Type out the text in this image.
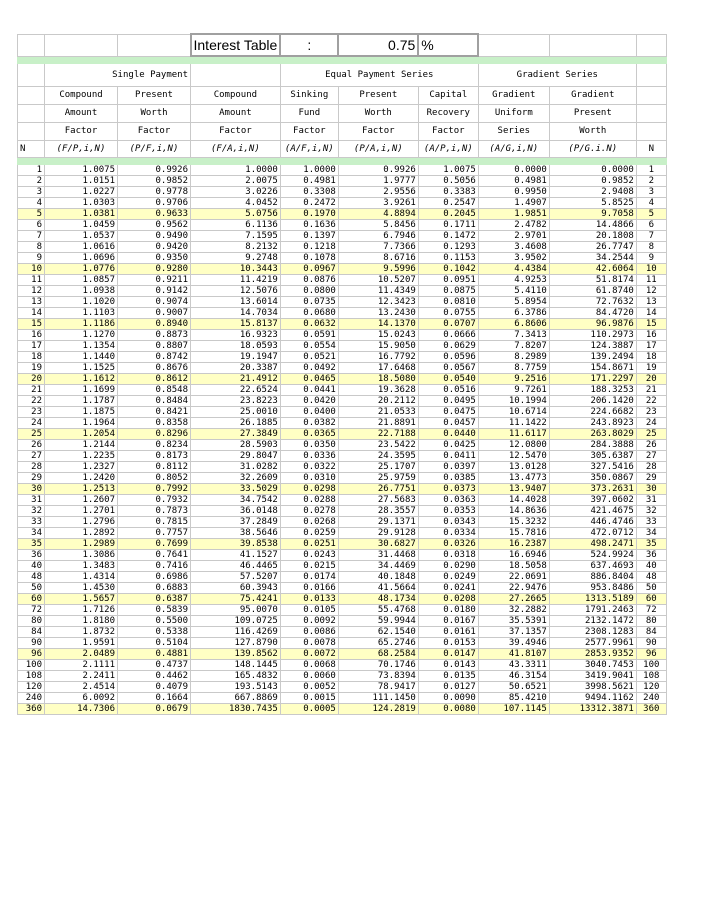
			Interest Table	:	0.75	%			

	Single Payment			Equal Payment Series			Gradient Series		
	Compound	Present	Compound	Sinking	Present	Capital	Gradient	Gradient	
	Amount	Worth	Amount	Fund	Worth	Recovery	Uniform	Present	
	Factor	Factor	Factor	Factor	Factor	Factor	Series	Worth	
N	(F/P,i,N)	(P/F,i,N)	(F/A,i,N)	(A/F,i,N)	(P/A,i,N)	(A/P,i,N)	(A/G,i,N)	(P/G.i.N)	N

1	1.0075	0.9926	1.0000	1.0000	0.9926	1.0075	0.0000	0.0000	1
2	1.0151	0.9852	2.0075	0.4981	1.9777	0.5056	0.4981	0.9852	2
3	1.0227	0.9778	3.0226	0.3308	2.9556	0.3383	0.9950	2.9408	3
4	1.0303	0.9706	4.0452	0.2472	3.9261	0.2547	1.4907	5.8525	4
5	1.0381	0.9633	5.0756	0.1970	4.8894	0.2045	1.9851	9.7058	5
6	1.0459	0.9562	6.1136	0.1636	5.8456	0.1711	2.4782	14.4866	6
7	1.0537	0.9490	7.1595	0.1397	6.7946	0.1472	2.9701	20.1808	7
8	1.0616	0.9420	8.2132	0.1218	7.7366	0.1293	3.4608	26.7747	8
9	1.0696	0.9350	9.2748	0.1078	8.6716	0.1153	3.9502	34.2544	9
10	1.0776	0.9280	10.3443	0.0967	9.5996	0.1042	4.4384	42.6064	10
11	1.0857	0.9211	11.4219	0.0876	10.5207	0.0951	4.9253	51.8174	11
12	1.0938	0.9142	12.5076	0.0800	11.4349	0.0875	5.4110	61.8740	12
13	1.1020	0.9074	13.6014	0.0735	12.3423	0.0810	5.8954	72.7632	13
14	1.1103	0.9007	14.7034	0.0680	13.2430	0.0755	6.3786	84.4720	14
15	1.1186	0.8940	15.8137	0.0632	14.1370	0.0707	6.8606	96.9876	15
16	1.1270	0.8873	16.9323	0.0591	15.0243	0.0666	7.3413	110.2973	16
17	1.1354	0.8807	18.0593	0.0554	15.9050	0.0629	7.8207	124.3887	17
18	1.1440	0.8742	19.1947	0.0521	16.7792	0.0596	8.2989	139.2494	18
19	1.1525	0.8676	20.3387	0.0492	17.6468	0.0567	8.7759	154.8671	19
20	1.1612	0.8612	21.4912	0.0465	18.5080	0.0540	9.2516	171.2297	20
21	1.1699	0.8548	22.6524	0.0441	19.3628	0.0516	9.7261	188.3253	21
22	1.1787	0.8484	23.8223	0.0420	20.2112	0.0495	10.1994	206.1420	22
23	1.1875	0.8421	25.0010	0.0400	21.0533	0.0475	10.6714	224.6682	23
24	1.1964	0.8358	26.1885	0.0382	21.8891	0.0457	11.1422	243.8923	24
25	1.2054	0.8296	27.3849	0.0365	22.7188	0.0440	11.6117	263.8029	25
26	1.2144	0.8234	28.5903	0.0350	23.5422	0.0425	12.0800	284.3888	26
27	1.2235	0.8173	29.8047	0.0336	24.3595	0.0411	12.5470	305.6387	27
28	1.2327	0.8112	31.0282	0.0322	25.1707	0.0397	13.0128	327.5416	28
29	1.2420	0.8052	32.2609	0.0310	25.9759	0.0385	13.4773	350.0867	29
30	1.2513	0.7992	33.5029	0.0298	26.7751	0.0373	13.9407	373.2631	30
31	1.2607	0.7932	34.7542	0.0288	27.5683	0.0363	14.4028	397.0602	31
32	1.2701	0.7873	36.0148	0.0278	28.3557	0.0353	14.8636	421.4675	32
33	1.2796	0.7815	37.2849	0.0268	29.1371	0.0343	15.3232	446.4746	33
34	1.2892	0.7757	38.5646	0.0259	29.9128	0.0334	15.7816	472.0712	34
35	1.2989	0.7699	39.8538	0.0251	30.6827	0.0326	16.2387	498.2471	35
36	1.3086	0.7641	41.1527	0.0243	31.4468	0.0318	16.6946	524.9924	36
40	1.3483	0.7416	46.4465	0.0215	34.4469	0.0290	18.5058	637.4693	40
48	1.4314	0.6986	57.5207	0.0174	40.1848	0.0249	22.0691	886.8404	48
50	1.4530	0.6883	60.3943	0.0166	41.5664	0.0241	22.9476	953.8486	50
60	1.5657	0.6387	75.4241	0.0133	48.1734	0.0208	27.2665	1313.5189	60
72	1.7126	0.5839	95.0070	0.0105	55.4768	0.0180	32.2882	1791.2463	72
80	1.8180	0.5500	109.0725	0.0092	59.9944	0.0167	35.5391	2132.1472	80
84	1.8732	0.5338	116.4269	0.0086	62.1540	0.0161	37.1357	2308.1283	84
90	1.9591	0.5104	127.8790	0.0078	65.2746	0.0153	39.4946	2577.9961	90
96	2.0489	0.4881	139.8562	0.0072	68.2584	0.0147	41.8107	2853.9352	96
100	2.1111	0.4737	148.1445	0.0068	70.1746	0.0143	43.3311	3040.7453	100
108	2.2411	0.4462	165.4832	0.0060	73.8394	0.0135	46.3154	3419.9041	108
120	2.4514	0.4079	193.5143	0.0052	78.9417	0.0127	50.6521	3998.5621	120
240	6.0092	0.1664	667.8869	0.0015	111.1450	0.0090	85.4210	9494.1162	240
360	14.7306	0.0679	1830.7435	0.0005	124.2819	0.0080	107.1145	13312.3871	360
